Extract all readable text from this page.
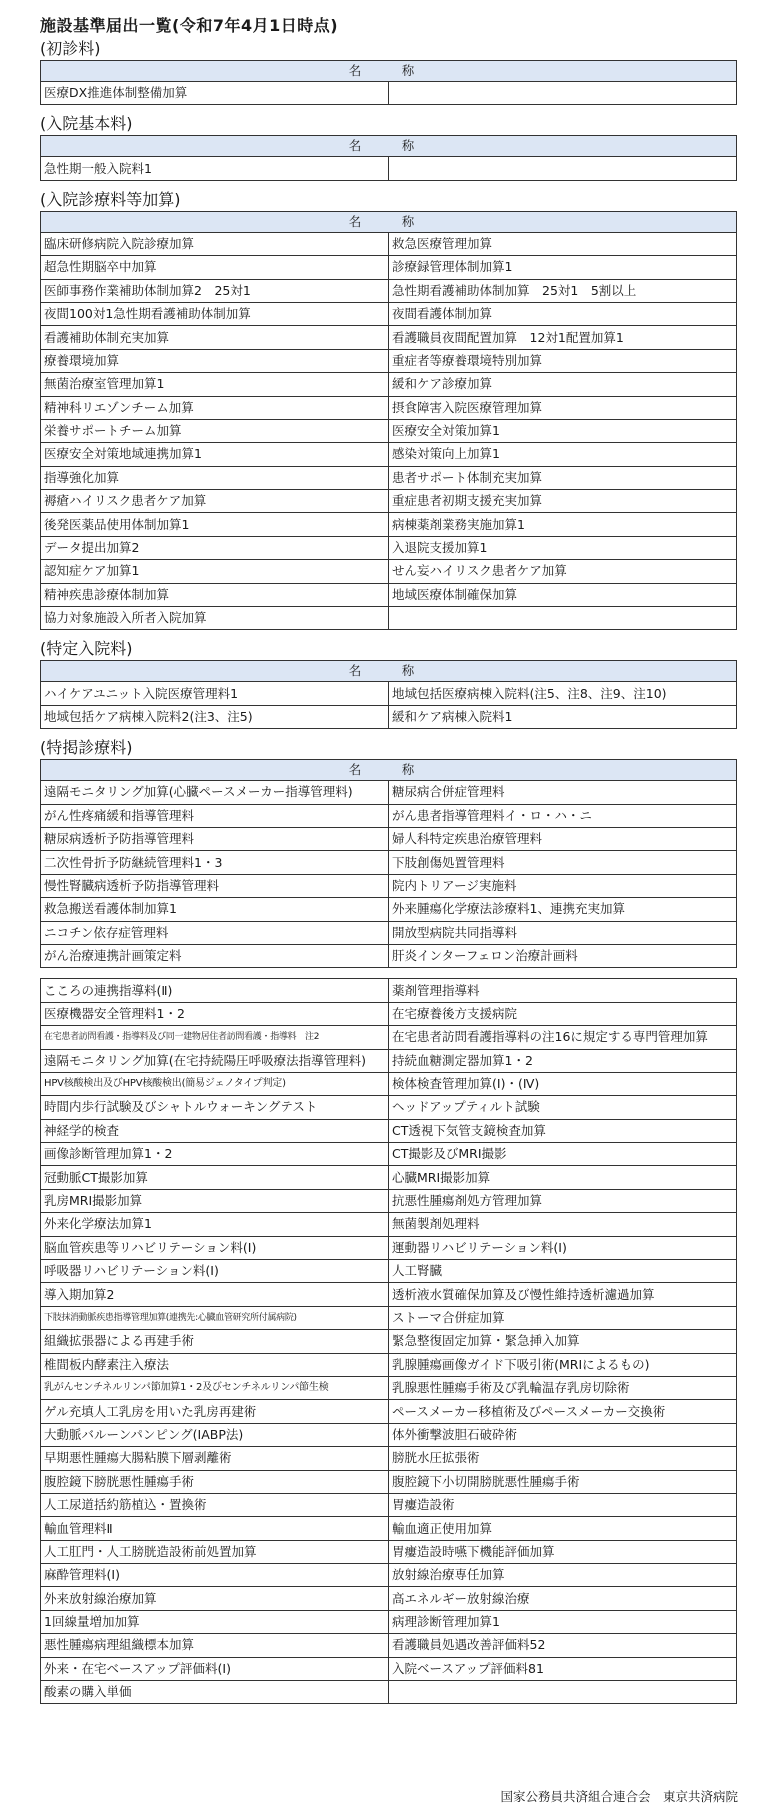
施設基準届出一覧(令和7年4月1日時点)
(初診料)
名　称
医療DX推進体制整備加算	
(入院基本料)
名　称
急性期一般入院料1	
(入院診療料等加算)
名　称	
臨床研修病院入院診療加算	救急医療管理加算
超急性期脳卒中加算	診療録管理体制加算1
医師事務作業補助体制加算2　25対1	急性期看護補助体制加算　25対1　5割以上
夜間100対1急性期看護補助体制加算	夜間看護体制加算
看護補助体制充実加算	看護職員夜間配置加算　12対1配置加算1
療養環境加算	重症者等療養環境特別加算
無菌治療室管理加算1	緩和ケア診療加算
精神科リエゾンチーム加算	摂食障害入院医療管理加算
栄養サポートチーム加算	医療安全対策加算1
医療安全対策地域連携加算1	感染対策向上加算1
指導強化加算	患者サポート体制充実加算
褥瘡ハイリスク患者ケア加算	重症患者初期支援充実加算
後発医薬品使用体制加算1	病棟薬剤業務実施加算1
データ提出加算2	入退院支援加算1
認知症ケア加算1	せん妄ハイリスク患者ケア加算
精神疾患診療体制加算	地域医療体制確保加算
協力対象施設入所者入院加算	
(特定入院料)
名　称	
ハイケアユニット入院医療管理料1	地域包括医療病棟入院料(注5、注8、注9、注10)
地域包括ケア病棟入院料2(注3、注5)	緩和ケア病棟入院料1
(特掲診療料)
名　称	
遠隔モニタリング加算(心臓ペースメーカー指導管理料)	糖尿病合併症管理料
がん性疼痛緩和指導管理料	がん患者指導管理料イ・ロ・ハ・ニ
糖尿病透析予防指導管理料	婦人科特定疾患治療管理料
二次性骨折予防継続管理料1・3	下肢創傷処置管理料
慢性腎臓病透析予防指導管理料	院内トリアージ実施料
救急搬送看護体制加算1	外来腫瘍化学療法診療料1、連携充実加算
ニコチン依存症管理料	開放型病院共同指導料
がん治療連携計画策定料	肝炎インターフェロン治療計画料
こころの連携指導料(Ⅱ)	薬剤管理指導料
医療機器安全管理料1・2	在宅療養後方支援病院
在宅患者訪問看護・指導料及び同一建物居住者訪問看護・指導料　注2	在宅患者訪問看護指導料の注16に規定する専門管理加算
遠隔モニタリング加算(在宅持続陽圧呼吸療法指導管理料)	持続血糖測定器加算1・2
HPV核酸検出及びHPV核酸検出(簡易ジェノタイプ判定)	検体検査管理加算(Ⅰ)・(Ⅳ)
時間内歩行試験及びシャトルウォーキングテスト	ヘッドアップティルト試験
神経学的検査	CT透視下気管支鏡検査加算
画像診断管理加算1・2	CT撮影及びMRI撮影
冠動脈CT撮影加算	心臓MRI撮影加算
乳房MRI撮影加算	抗悪性腫瘍剤処方管理加算
外来化学療法加算1	無菌製剤処理料
脳血管疾患等リハビリテーション料(Ⅰ)	運動器リハビリテーション料(Ⅰ)
呼吸器リハビリテーション料(Ⅰ)	人工腎臓
導入期加算2	透析液水質確保加算及び慢性維持透析濾過加算
下肢抹消動脈疾患指導管理加算(連携先:心臓血管研究所付属病院)	ストーマ合併症加算
組織拡張器による再建手術	緊急整復固定加算・緊急挿入加算
椎間板内酵素注入療法	乳腺腫瘍画像ガイド下吸引術(MRIによるもの)
乳がんセンチネルリンパ節加算1・2及びセンチネルリンパ節生検	乳腺悪性腫瘍手術及び乳輪温存乳房切除術
ゲル充填人工乳房を用いた乳房再建術	ペースメーカー移植術及びペースメーカー交換術
大動脈バルーンパンピング(IABP法)	体外衝撃波胆石破砕術
早期悪性腫瘍大腸粘膜下層剥離術	膀胱水圧拡張術
腹腔鏡下膀胱悪性腫瘍手術	腹腔鏡下小切開膀胱悪性腫瘍手術
人工尿道括約筋植込・置換術	胃瘻造設術
輸血管理料Ⅱ	輸血適正使用加算
人工肛門・人工膀胱造設術前処置加算	胃瘻造設時嚥下機能評価加算
麻酔管理料(Ⅰ)	放射線治療専任加算
外来放射線治療加算	高エネルギー放射線治療
1回線量増加加算	病理診断管理加算1
悪性腫瘍病理組織標本加算	看護職員処遇改善評価料52
外来・在宅ベースアップ評価料(Ⅰ)	入院ベースアップ評価料81
酸素の購入単価	
国家公務員共済組合連合会　東京共済病院
